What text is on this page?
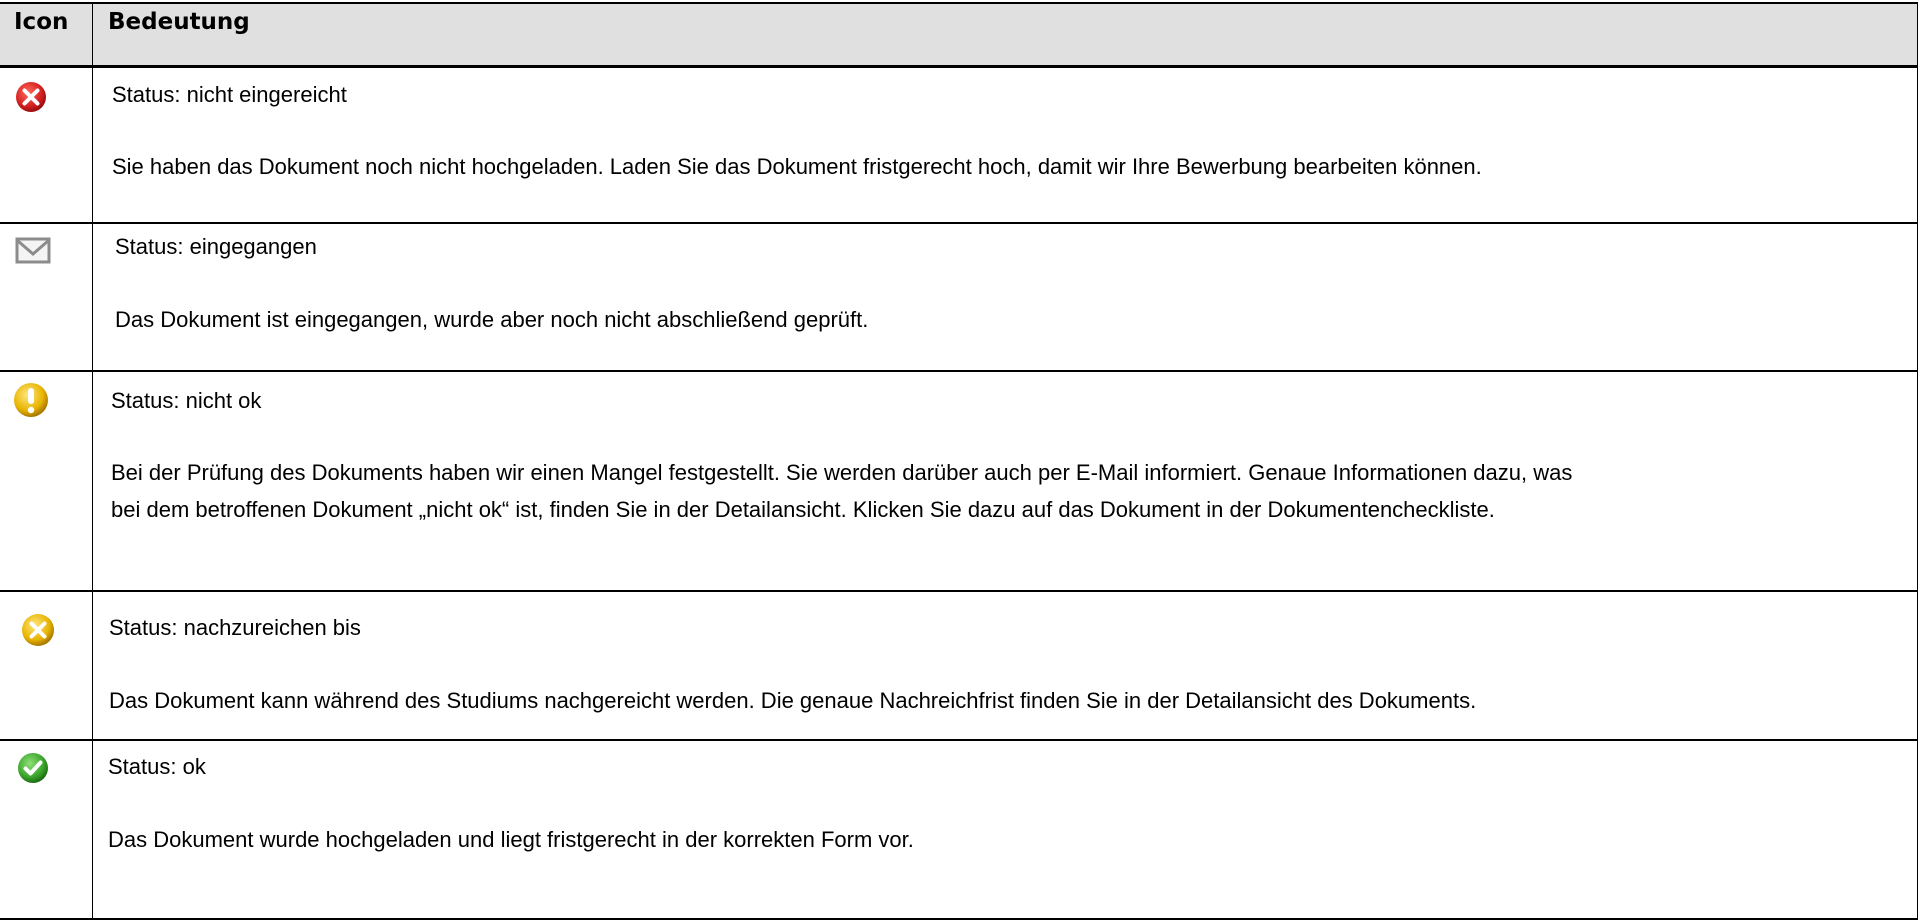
Icon Bedeutung
Status: nicht eingereicht
Sie haben das Dokument noch nicht hochgeladen. Laden Sie das Dokument fristgerecht hoch, damit wir Ihre Bewerbung bearbeiten können.
Status: eingegangen
Das Dokument ist eingegangen, wurde aber noch nicht abschließend geprüft.
Status: nicht ok
Bei der Prüfung des Dokuments haben wir einen Mangel festgestellt. Sie werden darüber auch per E-Mail informiert. Genaue Informationen dazu, was
bei dem betroffenen Dokument „nicht ok“ ist, finden Sie in der Detailansicht. Klicken Sie dazu auf das Dokument in der Dokumentencheckliste.
Status: nachzureichen bis
Das Dokument kann während des Studiums nachgereicht werden. Die genaue Nachreichfrist finden Sie in der Detailansicht des Dokuments.
Status: ok
Das Dokument wurde hochgeladen und liegt fristgerecht in der korrekten Form vor.
